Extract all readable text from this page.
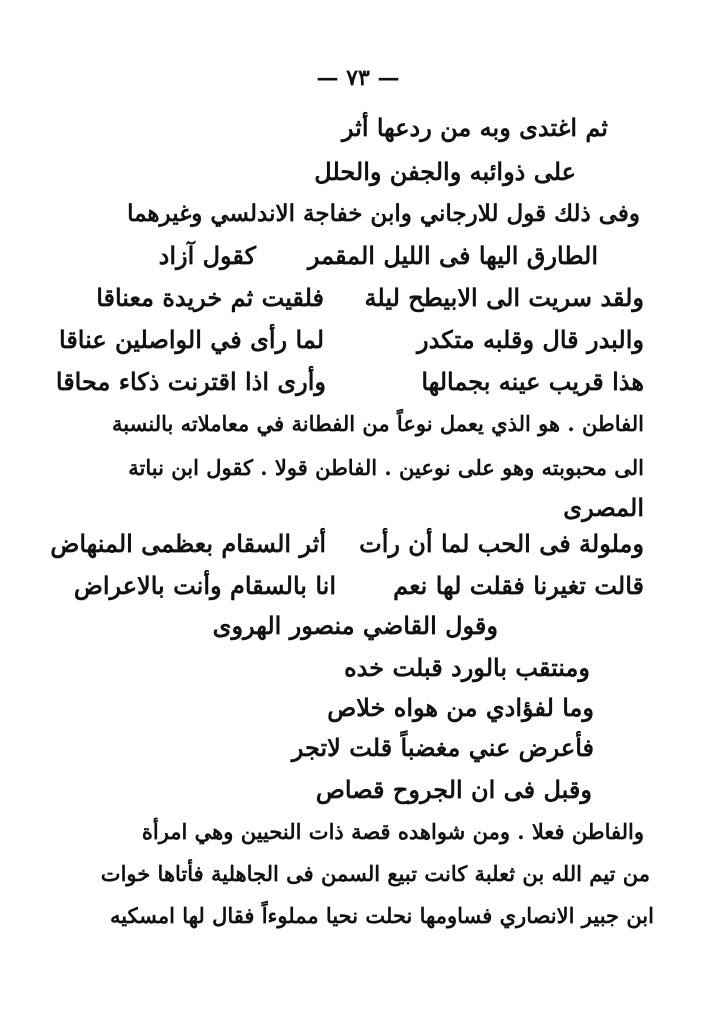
— ٧٣ —
ثم اغتدى وبه من ردعها أثر
على ذوائبه والجفن والحلل
وفى ذلك قول للارجاني وابن خفاجة الاندلسي وغيرهما
الطارق اليها فى الليل المقمر
كقول آزاد
ولقد سريت الى الابيطح ليلة
فلقيت ثم خريدة معناقا
والبدر قال وقلبه متكدر
لما رأى في الواصلين عناقا
هذا قريب عينه بجمالها
وأرى اذا اقترنت ذكاء محاقا
الفاطن . هو الذي يعمل نوعاً من الفطانة في معاملاته بالنسبة
الى محبوبته وهو على نوعين . الفاطن قولا . كقول ابن نباتة
المصرى
وملولة فى الحب لما أن رأت
أثر السقام بعظمى المنهاض
قالت تغيرنا فقلت لها نعم
انا بالسقام وأنت بالاعراض
وقول القاضي منصور الهروى
ومنتقب بالورد قبلت خده
وما لفؤادي من هواه خلاص
فأعرض عني مغضباً قلت لاتجر
وقبل فى ان الجروح قصاص
والفاطن فعلا . ومن شواهده قصة ذات النحيين وهي امرأة
من تيم الله بن ثعلبة كانت تبيع السمن فى الجاهلية فأتاها خوات
ابن جبير الانصاري فساومها نحلت نحيا مملوءاً فقال لها امسكيه
